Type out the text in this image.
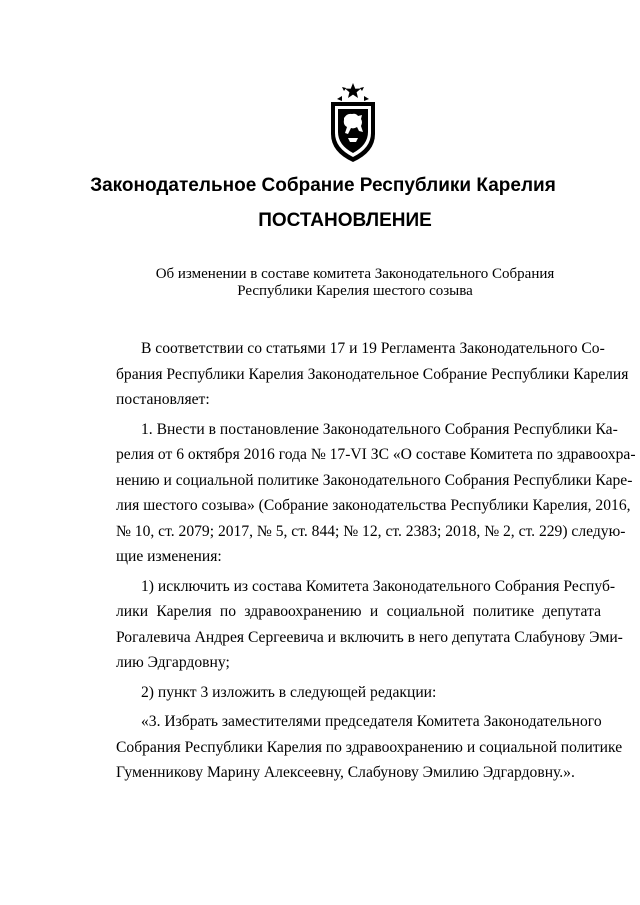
Законодательное Собрание Республики Карелия
ПОСТАНОВЛЕНИЕ
Об изменении в составе комитета Законодательного Собрания
Республики Карелия шестого созыва
В соответствии со статьями 17 и 19 Регламента Законодательного Со-
брания Республики Карелия Законодательное Собрание Республики Карелия
постановляет:
1. Внести в постановление Законодательного Собрания Республики Ка-
релия от 6 октября 2016 года № 17-VI ЗС «О составе Комитета по здравоохра-
нению и социальной политике Законодательного Собрания Республики Каре-
лия шестого созыва» (Собрание законодательства Республики Карелия, 2016,
№ 10, ст. 2079; 2017, № 5, ст. 844; № 12, ст. 2383; 2018, № 2, ст. 229) следую-
щие изменения:
1) исключить из состава Комитета Законодательного Собрания Респуб-
лики Карелия по здравоохранению и социальной политике депутата
Рогалевича Андрея Сергеевича и включить в него депутата Слабунову Эми-
лию Эдгардовну;
2) пункт 3 изложить в следующей редакции:
«3. Избрать заместителями председателя Комитета Законодательного
Собрания Республики Карелия по здравоохранению и социальной политике
Гуменникову Марину Алексеевну, Слабунову Эмилию Эдгардовну.».
